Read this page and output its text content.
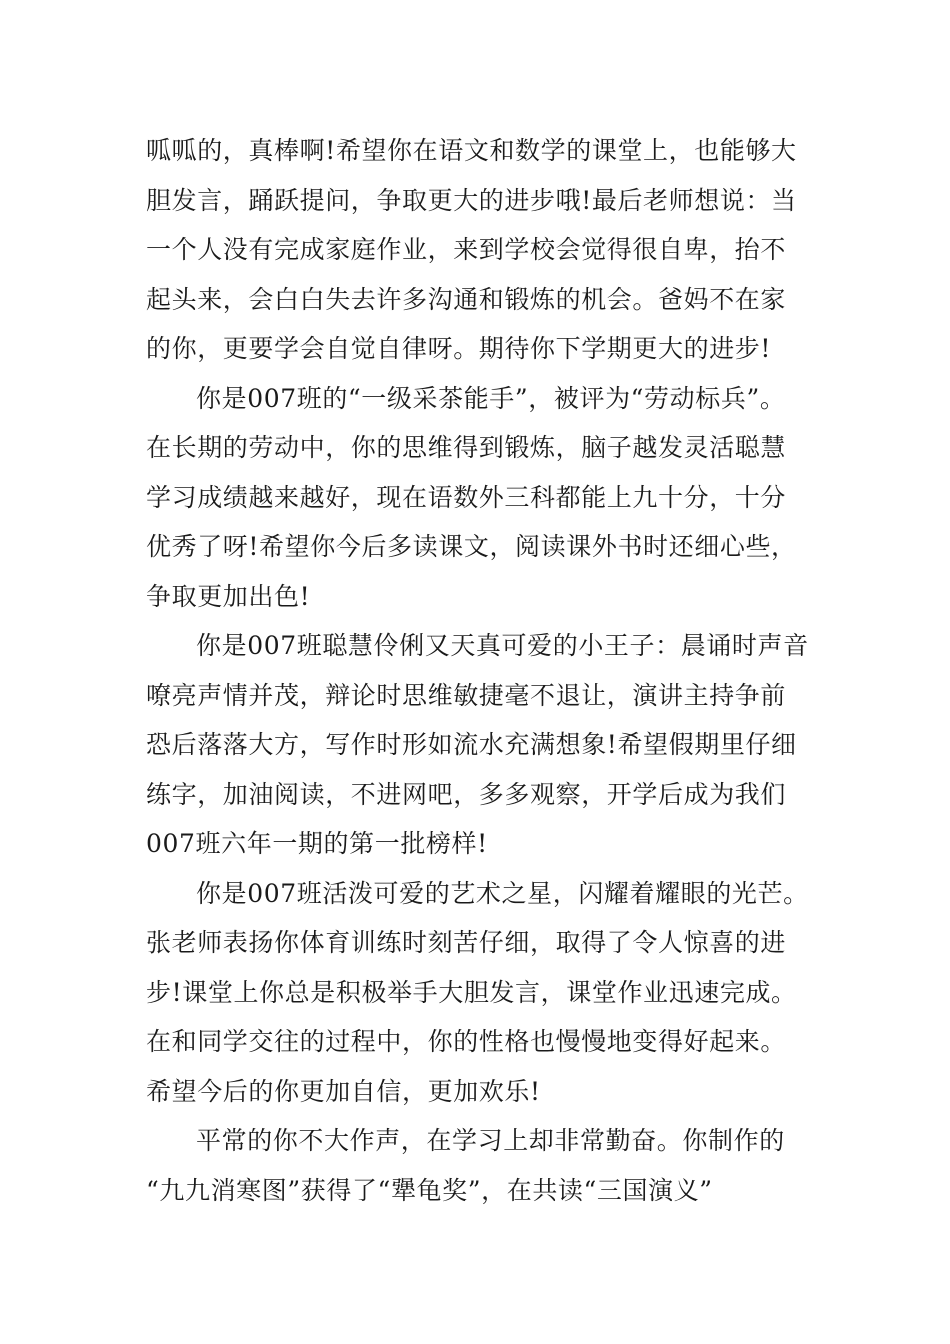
呱呱的，真棒啊!希望你在语文和数学的课堂上，也能够大
胆发言，踊跃提问，争取更大的进步哦!最后老师想说：当
一个人没有完成家庭作业，来到学校会觉得很自卑，抬不
起头来，会白白失去许多沟通和锻炼的机会。爸妈不在家
的你，更要学会自觉自律呀。期待你下学期更大的进步!
你是007班的“一级采茶能手”，被评为“劳动标兵”。
在长期的劳动中，你的思维得到锻炼，脑子越发灵活聪慧
学习成绩越来越好，现在语数外三科都能上九十分，十分
优秀了呀!希望你今后多读课文，阅读课外书时还细心些，
争取更加出色!
你是007班聪慧伶俐又天真可爱的小王子：晨诵时声音
嘹亮声情并茂，辩论时思维敏捷毫不退让，演讲主持争前
恐后落落大方，写作时形如流水充满想象!希望假期里仔细
练字，加油阅读，不进网吧，多多观察，开学后成为我们
007班六年一期的第一批榜样!
你是007班活泼可爱的艺术之星，闪耀着耀眼的光芒。
张老师表扬你体育训练时刻苦仔细，取得了令人惊喜的进
步!课堂上你总是积极举手大胆发言，课堂作业迅速完成。
在和同学交往的过程中，你的性格也慢慢地变得好起来。
希望今后的你更加自信，更加欢乐!
平常的你不大作声，在学习上却非常勤奋。你制作的
“九九消寒图”获得了“犟龟奖”，在共读“三国演义”
